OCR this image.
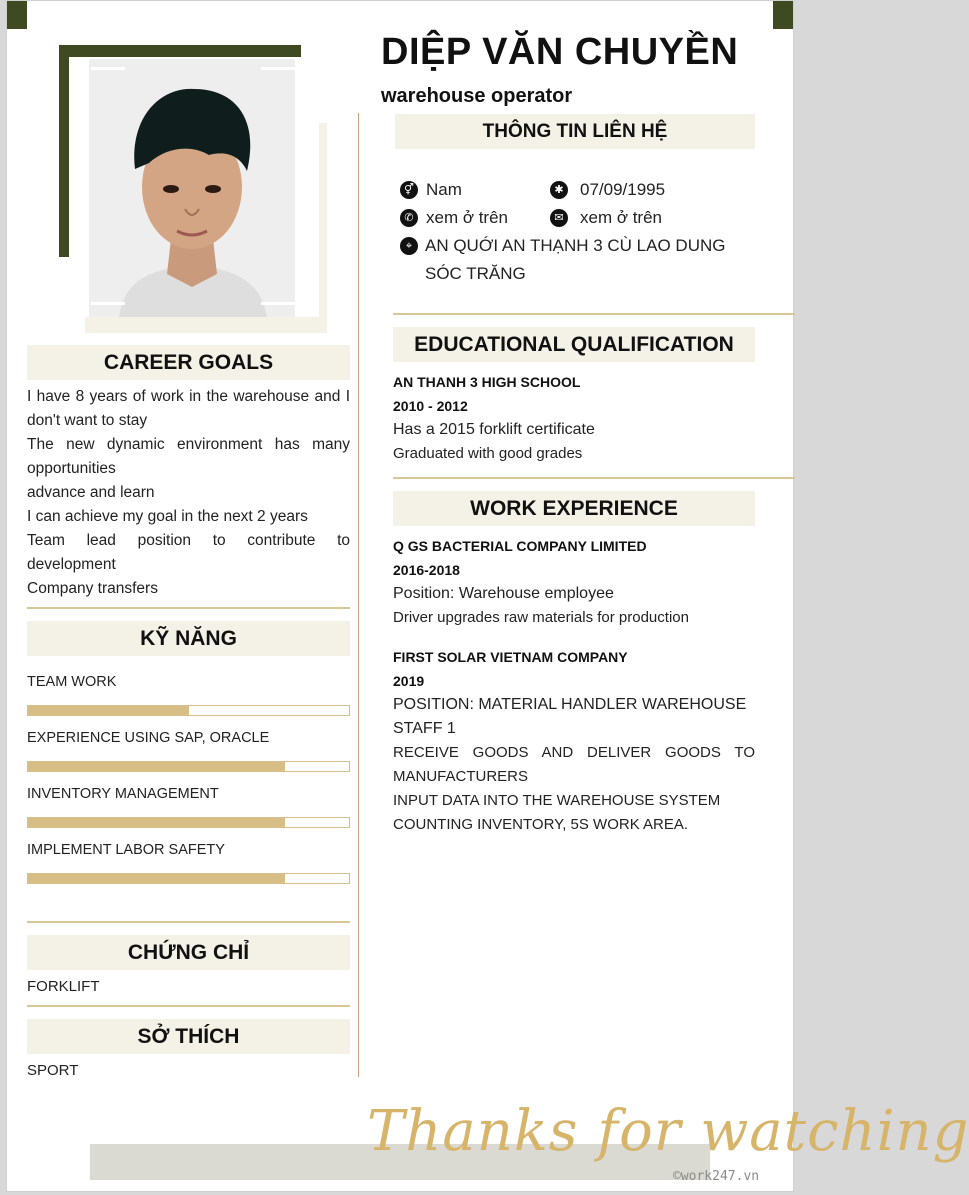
DIỆP VĂN CHUYỀN
warehouse operator
THÔNG TIN LIÊN HỆ
⚥ Nam	✱ 07/09/1995
✆ xem ở trên	✉ xem ở trên
⌖ AN QUỚI AN THẠNH 3 CÙ LAO DUNG
SÓC TRĂNG
EDUCATIONAL QUALIFICATION
AN THANH 3 HIGH SCHOOL
2010 - 2012
Has a 2015 forklift certificate
Graduated with good grades
WORK EXPERIENCE
Q GS BACTERIAL COMPANY LIMITED
2016-2018
Position: Warehouse employee
Driver upgrades raw materials for production
FIRST SOLAR VIETNAM COMPANY
2019
POSITION: MATERIAL HANDLER WAREHOUSE STAFF 1
RECEIVE GOODS AND DELIVER GOODS TO MANUFACTURERS
INPUT DATA INTO THE WAREHOUSE SYSTEM
COUNTING INVENTORY, 5S WORK AREA.
CAREER GOALS
I have 8 years of work in the warehouse and I don't want to stay
The new dynamic environment has many opportunities
advance and learn
I can achieve my goal in the next 2 years
Team lead position to contribute to development
Company transfers
KỸ NĂNG
TEAM WORK
EXPERIENCE USING SAP, ORACLE
INVENTORY MANAGEMENT
IMPLEMENT LABOR SAFETY
CHỨNG CHỈ
FORKLIFT
SỞ THÍCH
SPORT
Thanks for watching
©work247.vn
